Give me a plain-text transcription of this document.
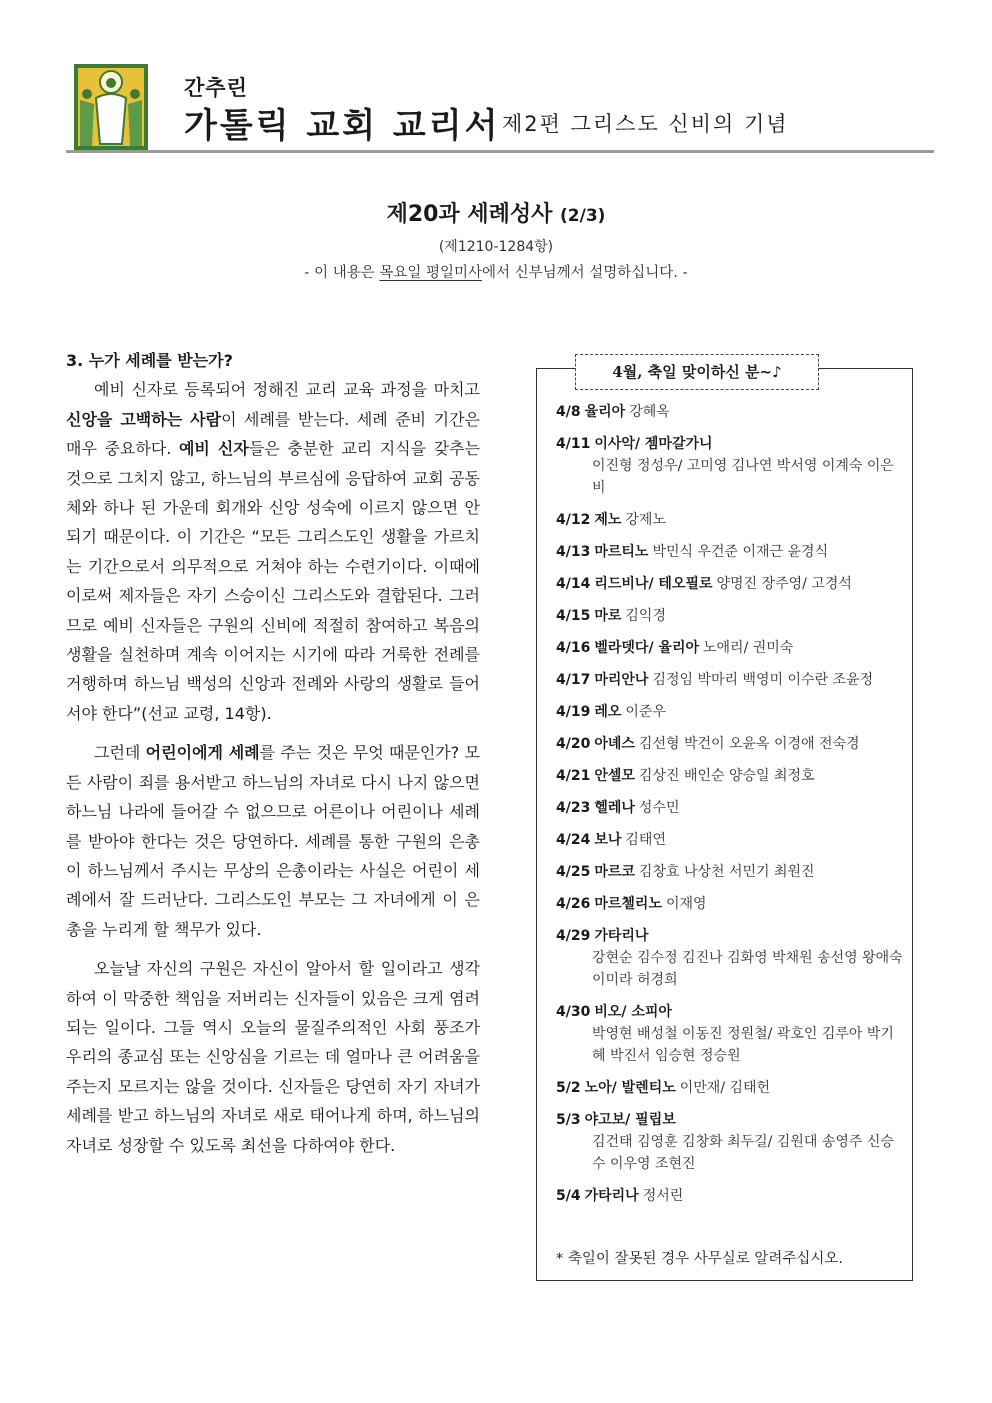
간추린
가톨릭 교회 교리서 제2편 그리스도 신비의 기념
제20과 세례성사 (2/3)
(제1210-1284항)
- 이 내용은 목요일 평일미사에서 신부님께서 설명하십니다. -

3. 누가 세례를 받는가?

예비 신자로 등록되어 정해진 교리 교육 과정을 마치고 신앙을 고백하는 사람이 세례를 받는다. 세례 준비 기간은 매우 중요하다. 예비 신자들은 충분한 교리 지식을 갖추는 것으로 그치지 않고, 하느님의 부르심에 응답하여 교회 공동체와 하나 된 가운데 회개와 신앙 성숙에 이르지 않으면 안 되기 때문이다. 이 기간은 “모든 그리스도인 생활을 가르치는 기간으로서 의무적으로 거쳐야 하는 수련기이다. 이때에 이로써 제자들은 자기 스승이신 그리스도와 결합된다. 그러므로 예비 신자들은 구원의 신비에 적절히 참여하고 복음의 생활을 실천하며 계속 이어지는 시기에 따라 거룩한 전례를 거행하며 하느님 백성의 신앙과 전례와 사랑의 생활로 들어서야 한다”(선교 교령, 14항).

그런데 어린이에게 세례를 주는 것은 무엇 때문인가? 모든 사람이 죄를 용서받고 하느님의 자녀로 다시 나지 않으면 하느님 나라에 들어갈 수 없으므로 어른이나 어린이나 세례를 받아야 한다는 것은 당연하다. 세례를 통한 구원의 은총이 하느님께서 주시는 무상의 은총이라는 사실은 어린이 세례에서 잘 드러난다. 그리스도인 부모는 그 자녀에게 이 은총을 누리게 할 책무가 있다.

오늘날 자신의 구원은 자신이 알아서 할 일이라고 생각하여 이 막중한 책임을 저버리는 신자들이 있음은 크게 염려되는 일이다. 그들 역시 오늘의 물질주의적인 사회 풍조가 우리의 종교심 또는 신앙심을 기르는 데 얼마나 큰 어려움을 주는지 모르지는 않을 것이다. 신자들은 당연히 자기 자녀가 세례를 받고 하느님의 자녀로 새로 태어나게 하며, 하느님의 자녀로 성장할 수 있도록 최선을 다하여야 한다.

4월, 축일 맞이하신 분~♪
4/8 율리아 강혜옥
4/11 이사악/ 젬마갈가니
이진형 정성우/ 고미영 김나연 박서영 이계숙 이은비
4/12 제노 강제노
4/13 마르티노 박민식 우건준 이재근 윤경식
4/14 리드비나/ 테오필로 양명진 장주영/ 고경석
4/15 마로 김익경
4/16 벨라뎃다/ 율리아 노애리/ 권미숙
4/17 마리안나 김정임 박마리 백영미 이수란 조윤정
4/19 레오 이준우
4/20 아녜스 김선형 박건이 오윤옥 이경애 전숙경
4/21 안셀모 김상진 배인순 양승일 최정호
4/23 헬레나 성수민
4/24 보나 김태연
4/25 마르코 김창효 나상천 서민기 최원진
4/26 마르첼리노 이재영
4/29 가타리나
강현순 김수정 김진나 김화영 박채원 송선영 왕애숙 이미라 허경희
4/30 비오/ 소피아
박영현 배성철 이동진 정원철/ 곽호인 김루아 박기혜 박진서 임승현 정승원
5/2 노아/ 발렌티노 이만재/ 김태헌
5/3 야고보/ 필립보
김건태 김영훈 김창화 최두길/ 김원대 송영주 신승수 이우영 조현진
5/4 가타리나 정서린
* 축일이 잘못된 경우 사무실로 알려주십시오.
